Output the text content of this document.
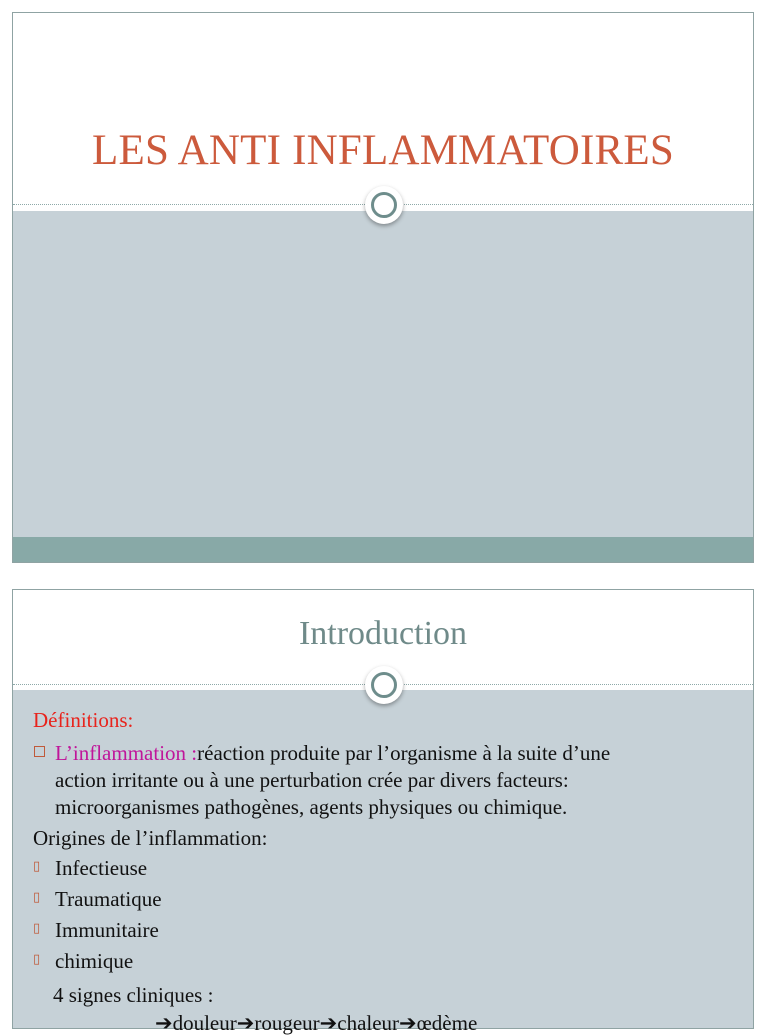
LES ANTI INFLAMMATOIRES
Introduction
Définitions:
L’inflammation :réaction produite par l’organisme à la suite d’une
action irritante ou à une perturbation crée par divers facteurs:
microorganismes pathogènes, agents physiques ou chimique.
Origines de l’inflammation:
▯ Infectieuse
▯ Traumatique
▯ Immunitaire
▯ chimique
4 signes cliniques :
➔douleur➔rougeur➔chaleur➔œdème
